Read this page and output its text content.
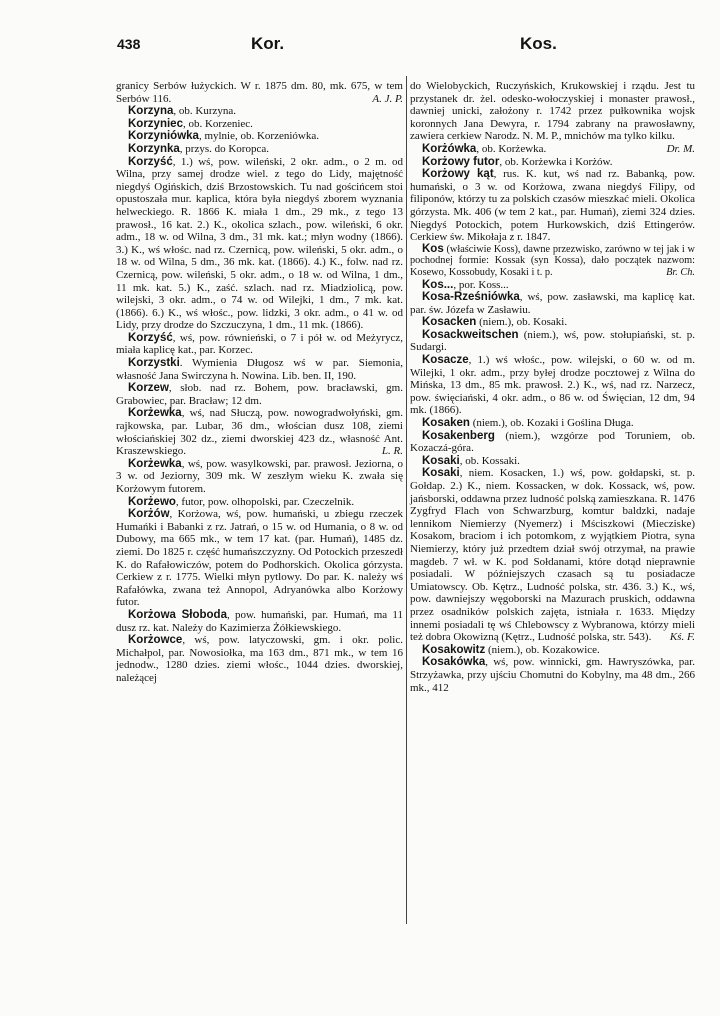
438	Kor.	Kos.

granicy Serbów łużyckich. W r. 1875 dm. 80, mk. 675, w tem Serbów 116.	A. J. P.

Korzyna, ob. Kurzyna.

Korzyniec, ob. Korzeniec.

Korzyniówka, mylnie, ob. Korzeniówka.

Korzynka, przys. do Koropca.

Korzyść, 1.) wś, pow. wileński, 2 okr. adm., o 2 m. od Wilna, przy samej drodze wiel. z tego do Lidy, majętność niegdyś Ogińskich, dziś Brzostowskich. Tu nad gościńcem stoi opustoszała mur. kaplica, która była niegdyś zborem wyznania helweckiego. R. 1866 K. miała 1 dm., 29 mk., z tego 13 prawosł., 16 kat. 2.) K., okolica szlach., pow. wileński, 6 okr. adm., 18 w. od Wilna, 3 dm., 31 mk. kat.; młyn wodny (1866). 3.) K., wś włośc. nad rz. Czernicą, pow. wileński, 5 okr. adm., o 18 w. od Wilna, 5 dm., 36 mk. kat. (1866). 4.) K., folw. nad rz. Czernicą, pow. wileński, 5 okr. adm., o 18 w. od Wilna, 1 dm., 11 mk. kat. 5.) K., zaść. szlach. nad rz. Miadziolicą, pow. wilejski, 3 okr. adm., o 74 w. od Wilejki, 1 dm., 7 mk. kat. (1866). 6.) K., wś włośc., pow. lidzki, 3 okr. adm., o 41 w. od Lidy, przy drodze do Szczuczyna, 1 dm., 11 mk. (1866).

Korzyść, wś, pow. równieński, o 7 i pół w. od Meżyrycz, miała kaplicę kat., par. Korzec.

Korzystki. Wymienia Długosz wś w par. Siemonia, własność Jana Swirczyna h. Nowina. Lib. ben. II, 190.

Korzew, słob. nad rz. Bohem, pow. bracławski, gm. Grabowiec, par. Bracław; 12 dm.

Korżewka, wś, nad Słuczą, pow. nowogradwołyński, gm. rajkowska, par. Lubar, 36 dm., włościan dusz 108, ziemi włościańskiej 302 dz., ziemi dworskiej 423 dz., własność Ant. Kraszewskiego.	L. R.

Korżewka, wś, pow. wasylkowski, par. prawosł. Jeziorna, o 3 w. od Jeziorny, 309 mk. W zeszłym wieku K. zwała się Korżowym futorem.

Korżewo, futor, pow. olhopolski, par. Czeczelnik.

Korżów, Korżowa, wś, pow. humański, u zbiegu rzeczek Humańki i Babanki z rz. Jatrań, o 15 w. od Humania, o 8 w. od Dubowy, ma 665 mk., w tem 17 kat. (par. Humań), 1485 dz. ziemi. Do 1825 r. część humańszczyzny. Od Potockich przeszedł K. do Rafałowiczów, potem do Podhorskich. Okolica górzysta. Cerkiew z r. 1775. Wielki młyn pytlowy. Do par. K. należy wś Rafałówka, zwana też Annopol, Adryanówka albo Korżowy futor.

Korżowa Słoboda, pow. humański, par. Humań, ma 11 dusz rz. kat. Należy do Kazimierza Żółkiewskiego.

Korżowce, wś, pow. latyczowski, gm. i okr. polic. Michałpol, par. Nowosiołka, ma 163 dm., 871 mk., w tem 16 jednodw., 1280 dzies. ziemi włośc., 1044 dzies. dworskiej, należącej

do Wielobyckich, Ruczyńskich, Krukowskiej i rządu. Jest tu przystanek dr. żel. odesko-wołoczyskiej i monaster prawosł., dawniej unicki, założony r. 1742 przez pułkownika wojsk koronnych Jana Dewyra, r. 1794 zabrany na prawosławny, zawiera cerkiew Narodz. N. M. P., mnichów ma tylko kilku.
Dr. M.

Korżówka, ob. Korżewka.

Korżowy futor, ob. Korżewka i Korżów.

Korżowy kąt, rus. K. kut, wś nad rz. Babanką, pow. humański, o 3 w. od Korżowa, zwana niegdyś Filipy, od filiponów, którzy tu za polskich czasów mieszkać mieli. Okolica górzysta. Mk. 406 (w tem 2 kat., par. Humań), ziemi 324 dzies. Niegdyś Potockich, potem Hurkowskich, dziś Ettingerów. Cerkiew św. Mikołaja z r. 1847.

Kos (właściwie Koss), dawne przezwisko, zarówno w tej jak i w pochodnej formie: Kossak (syn Kossa), dało początek nazwom: Kosewo, Kossobudy, Kosaki i t. p.	Br. Ch.

Kos..., por. Koss...

Kosa-Rześniówka, wś, pow. zasławski, ma kaplicę kat. par. św. Józefa w Zasławiu.

Kosacken (niem.), ob. Kosaki.

Kosackweitschen (niem.), wś, pow. stołupiański, st. p. Sudargi.

Kosacze, 1.) wś włośc., pow. wilejski, o 60 w. od m. Wilejki, 1 okr. adm., przy byłej drodze pocztowej z Wilna do Mińska, 13 dm., 85 mk. prawosł. 2.) K., wś, nad rz. Narzecz, pow. święciański, 4 okr. adm., o 86 w. od Święcian, 12 dm, 94 mk. (1866).

Kosaken (niem.), ob. Kozaki i Goślina Długa.

Kosakenberg (niem.), wzgórze pod Toruniem, ob. Kozaczá-góra.

Kosaki, ob. Kossaki.

Kosaki, niem. Kosacken, 1.) wś, pow. gołdapski, st. p. Gołdap. 2.) K., niem. Kossacken, w dok. Kossack, wś, pow. jańsborski, oddawna przez ludność polską zamieszkana. R. 1476 Zygfryd Flach von Schwarzburg, komtur baldzki, nadaje lennikom Niemierzy (Nyemerz) i Mściszkowi (Miecziske) Kosakom, braciom i ich potomkom, z wyjątkiem Piotra, syna Niemierzy, który już przedtem dział swój otrzymał, na prawie magdeb. 7 wł. w K. pod Sołdanami, które dotąd nieprawnie posiadali. W późniejszych czasach są tu posiadacze Umiatowscy. Ob. Kętrz., Ludność polska, str. 436. 3.) K., wś, pow. dawniejszy węgoborski na Mazurach pruskich, oddawna przez osadników polskich zajęta, istniała r. 1633. Między innemi posiadali tę wś Chlebowscy z Wybranowa, którzy mieli też dobra Okowizną (Kętrz., Ludność polska, str. 543).	Kś. F.

Kosakowitz (niem.), ob. Kozakowice.

Kosakówka, wś, pow. winnicki, gm. Hawryszówka, par. Strzyżawka, przy ujściu Chomutni do Kobylny, ma 48 dm., 266 mk., 412
